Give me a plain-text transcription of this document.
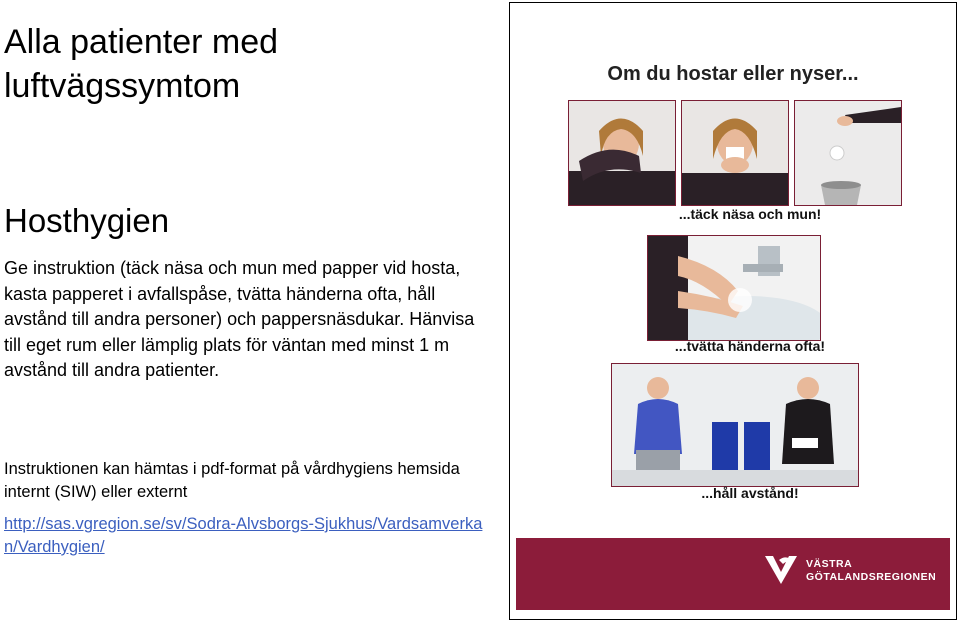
Alla patienter med luftvägssymtom
Hosthygien

Ge instruktion (täck näsa och mun med papper vid hosta, kasta papperet i avfallspåse, tvätta händerna ofta, håll avstånd till andra personer) och pappersnäsdukar. Hänvisa till eget rum eller lämplig plats för väntan med minst 1 m avstånd till andra patienter.

Instruktionen kan hämtas i pdf-format på vårdhygiens hemsida internt (SIW) eller externt

http://sas.vgregion.se/sv/Sodra-Alvsborgs-Sjukhus/Vardsamverkan/Vardhygien/
Om du hostar eller nyser...
...täck näsa och mun!
...tvätta händerna ofta!
...håll avstånd!
VÄSTRA
GÖTALANDSREGIONEN
